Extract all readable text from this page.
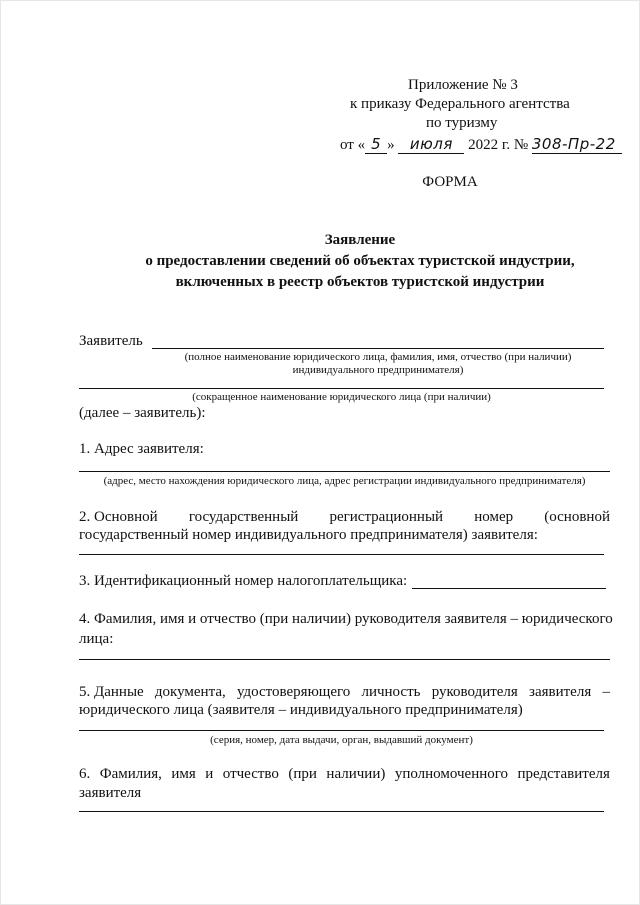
Приложение № 3
к приказу Федерального агентства
по туризму
от « 5 » июля 2022 г. № 308-Пр-22
ФОРМА
Заявление
о предоставлении сведений об объектах туристской индустрии,
включенных в реестр объектов туристской индустрии
Заявитель
(полное наименование юридического лица, фамилия, имя, отчество (при наличии)
индивидуального предпринимателя)
(сокращенное наименование юридического лица (при наличии)
(далее – заявитель):
1. Адрес заявителя:
(адрес, место нахождения юридического лица, адрес регистрации индивидуального предпринимателя)
2. Основной государственный регистрационный номер (основной
государственный номер индивидуального предпринимателя) заявителя:
3. Идентификационный номер налогоплательщика:
4. Фамилия, имя и отчество (при наличии) руководителя заявителя – юридического
лица:
5. Данные документа, удостоверяющего личность руководителя заявителя –
юридического лица (заявителя – индивидуального предпринимателя)
(серия, номер, дата выдачи, орган, выдавший документ)
6. Фамилия, имя и отчество (при наличии) уполномоченного представителя
заявителя
